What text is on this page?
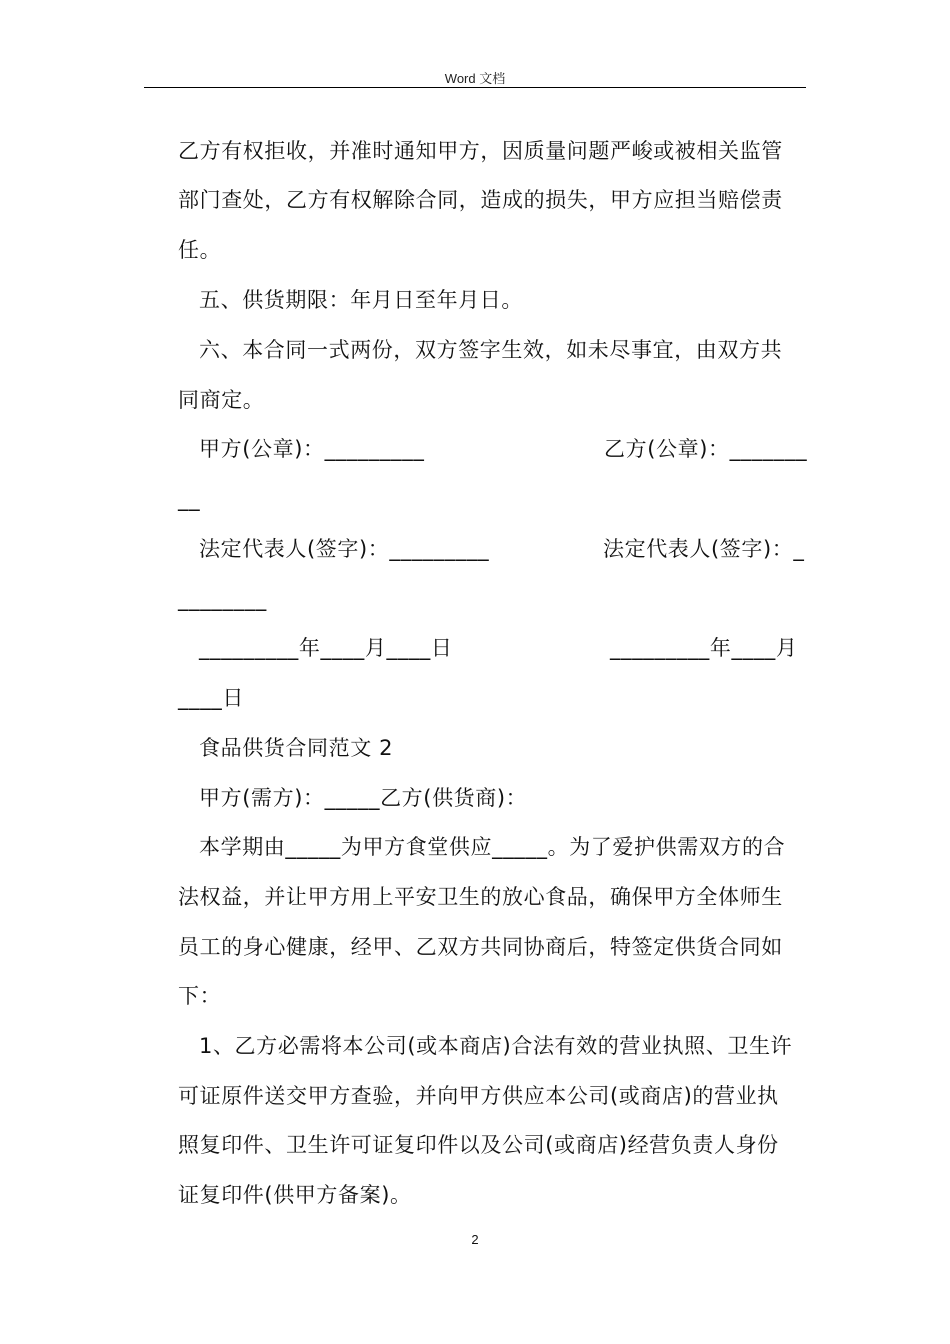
Word 文档
乙方有权拒收，并准时通知甲方，因质量问题严峻或被相关监管
部门查处，乙方有权解除合同，造成的损失，甲方应担当赔偿责
任。
五、供货期限：年月日至年月日。
六、本合同一式两份，双方签字生效，如未尽事宜，由双方共
同商定。
甲方(公章)：_________	乙方(公章)：_______
__
法定代表人(签字)：_________	法定代表人(签字)：_
________
_________年____月____日	_________年____月
____日
食品供货合同范文 2
甲方(需方)：_____乙方(供货商)：
本学期由_____为甲方食堂供应_____。为了爱护供需双方的合
法权益，并让甲方用上平安卫生的放心食品，确保甲方全体师生
员工的身心健康，经甲、乙双方共同协商后，特签定供货合同如
下：
1、乙方必需将本公司(或本商店)合法有效的营业执照、卫生许
可证原件送交甲方查验，并向甲方供应本公司(或商店)的营业执
照复印件、卫生许可证复印件以及公司(或商店)经营负责人身份
证复印件(供甲方备案)。
2
